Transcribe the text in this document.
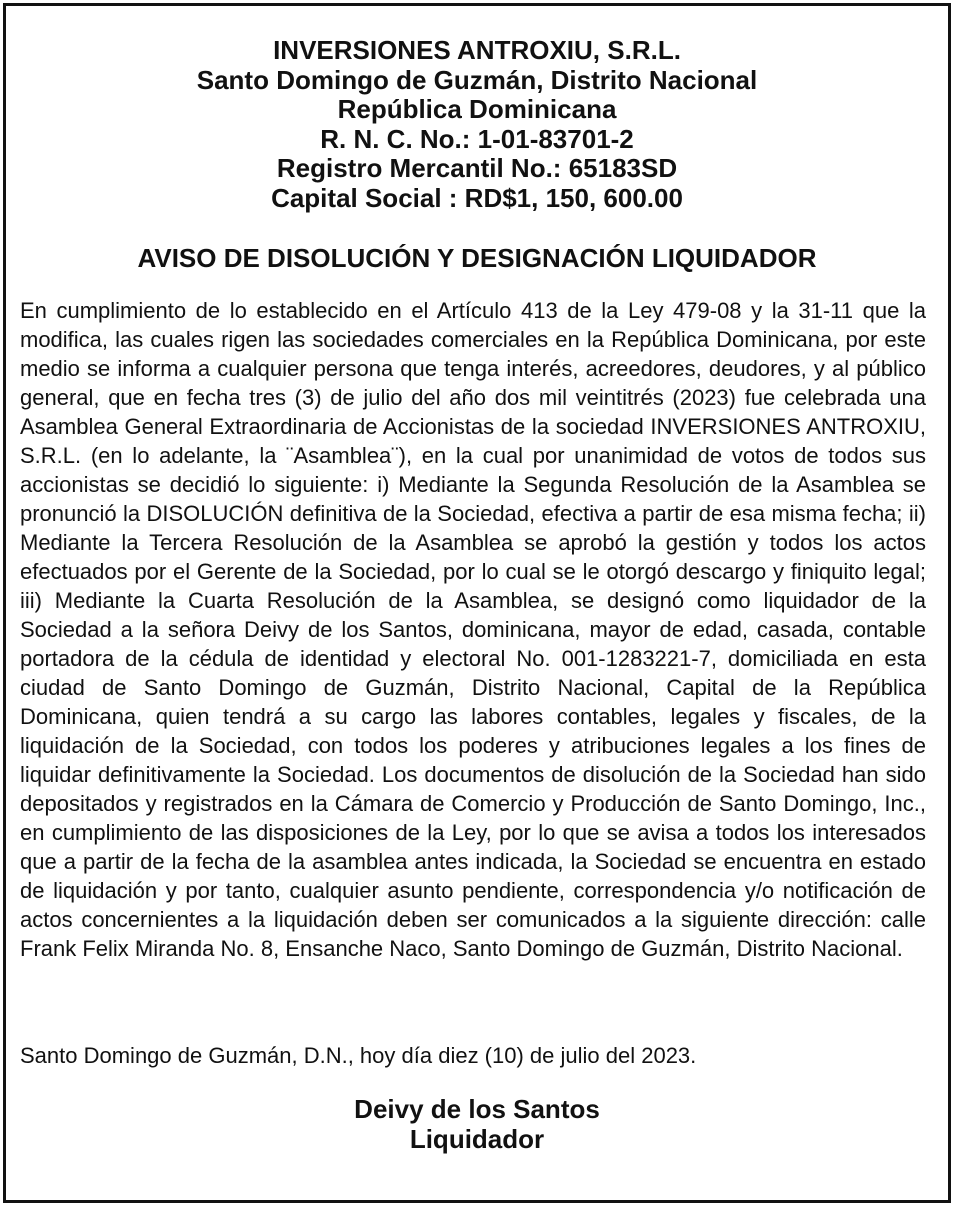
INVERSIONES ANTROXIU, S.R.L.
Santo Domingo de Guzmán, Distrito Nacional
República Dominicana
R. N. C. No.: 1-01-83701-2
Registro Mercantil No.: 65183SD
Capital Social : RD$1, 150, 600.00
AVISO DE DISOLUCIÓN Y DESIGNACIÓN LIQUIDADOR

En cumplimiento de lo establecido en el Artículo 413 de la Ley 479-08 y la 31-11 que la modifica, las cuales rigen las sociedades comerciales en la República Dominicana, por este medio se informa a cualquier persona que tenga interés, acreedores, deudores, y al público general, que en fecha tres (3) de julio del año dos mil veintitrés (2023) fue celebrada una Asamblea General Extraordinaria de Accionistas de la sociedad INVERSIONES ANTROXIU, S.R.L. (en lo adelante, la ¨Asamblea¨), en la cual por unanimidad de votos de todos sus accionistas se decidió lo siguiente: i) Mediante la Segunda Resolución de la Asamblea se pronunció la DISOLUCIÓN definitiva de la Sociedad, efectiva a partir de esa misma fecha; ii) Mediante la Tercera Resolución de la Asamblea se aprobó la gestión y todos los actos efectuados por el Gerente de la Sociedad, por lo cual se le otorgó descargo y finiquito legal; iii) Mediante la Cuarta Resolución de la Asamblea, se designó como liquidador de la Sociedad a la señora Deivy de los Santos, dominicana, mayor de edad, casada, contable portadora de la cédula de identidad y electoral No. 001-1283221-7, domiciliada en esta ciudad de Santo Domingo de Guzmán, Distrito Nacional, Capital de la República Dominicana, quien tendrá a su cargo las labores contables, legales y fiscales, de la liquidación de la Sociedad, con todos los poderes y atribuciones legales a los fines de liquidar definitivamente la Sociedad. Los documentos de disolución de la Sociedad han sido depositados y registrados en la Cámara de Comercio y Producción de Santo Domingo, Inc., en cumplimiento de las disposiciones de la Ley, por lo que se avisa a todos los interesados que a partir de la fecha de la asamblea antes indicada, la Sociedad se encuentra en estado de liquidación y por tanto, cualquier asunto pendiente, correspondencia y/o notificación de actos concernientes a la liquidación deben ser comunicados a la siguiente dirección: calle Frank Felix Miranda No. 8, Ensanche Naco, Santo Domingo de Guzmán, Distrito Nacional.

Santo Domingo de Guzmán, D.N., hoy día diez (10) de julio del 2023.

Deivy de los Santos
Liquidador
